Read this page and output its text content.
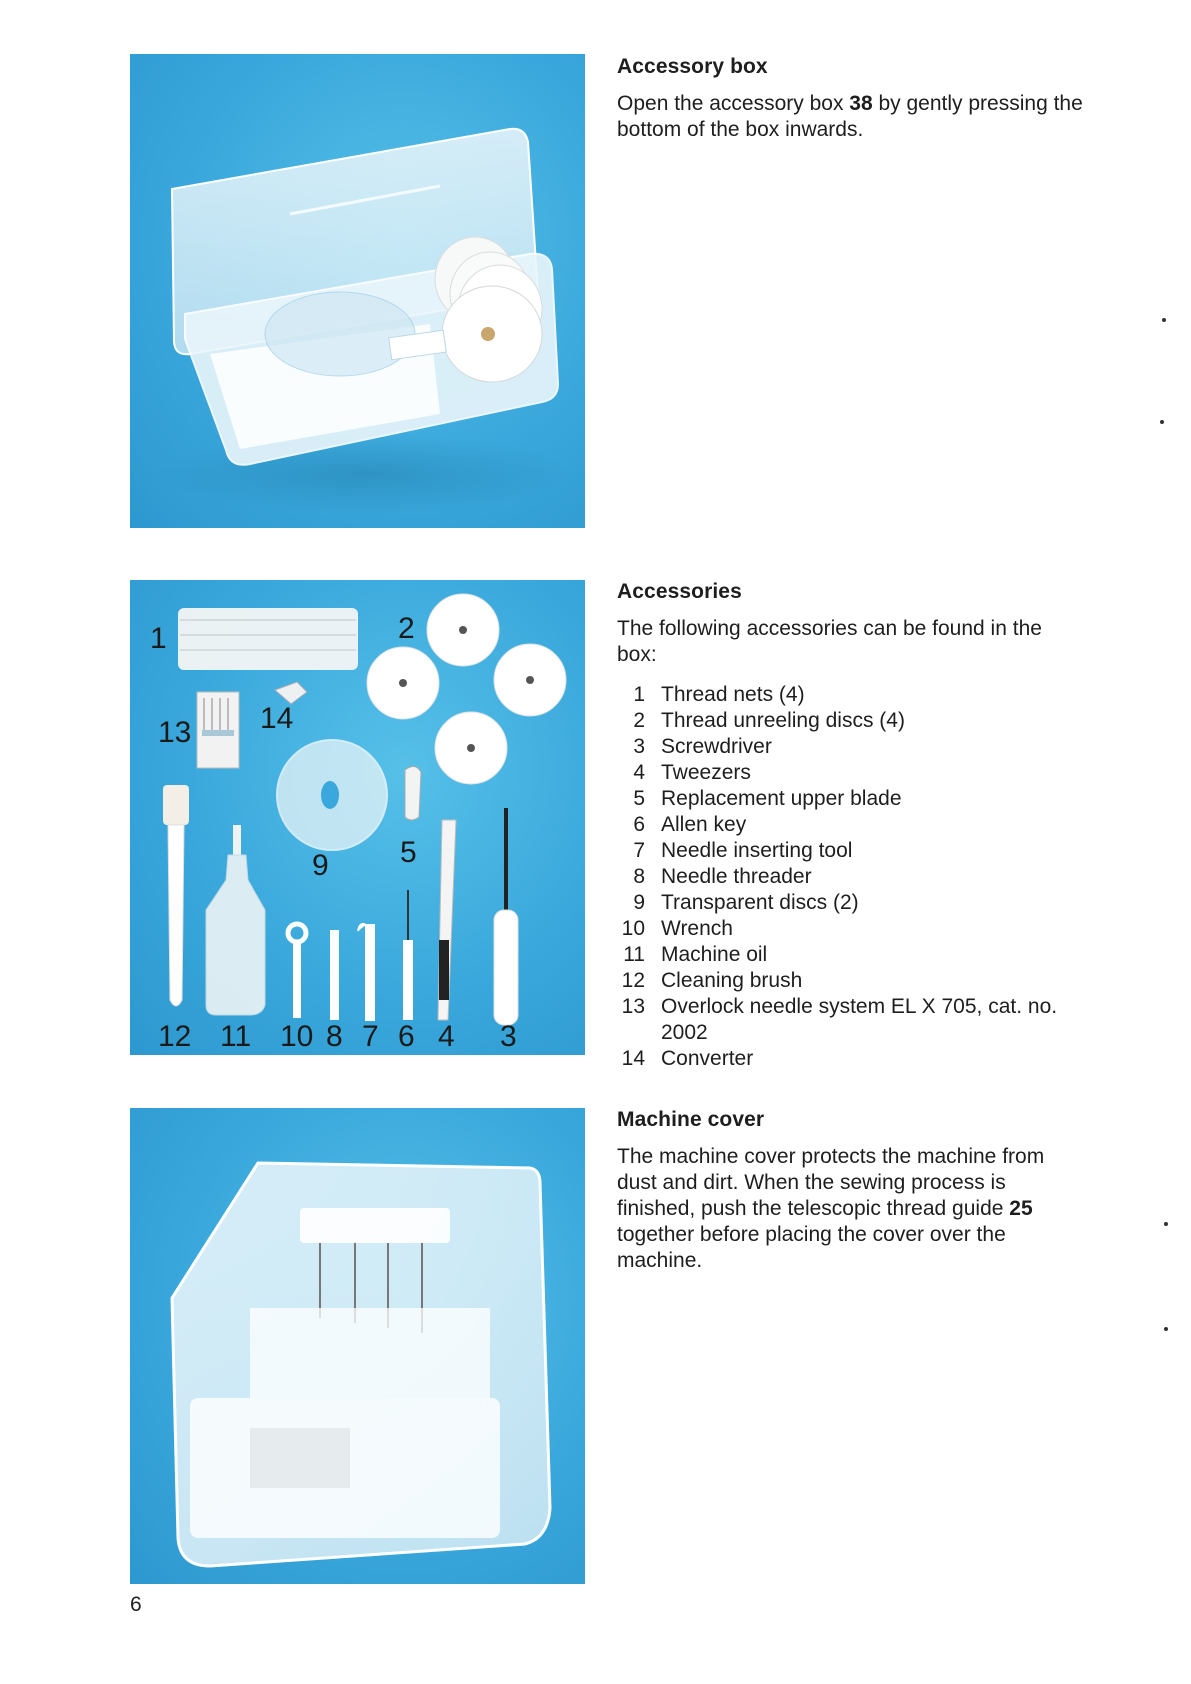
1	2
3
4
5
6
7
8
9
10
11
12
13 14
Accessory box

Open the accessory box 38 by gently pressing the bottom of the box inwards.

Accessories

The following accessories can be found in the box:

1 Thread nets (4)
2 Thread unreeling discs (4)
3 Screwdriver
4 Tweezers
5 Replacement upper blade
6 Allen key
7 Needle inserting tool
8 Needle threader
9 Transparent discs (2)
10 Wrench
11 Machine oil
12 Cleaning brush
13 Overlock needle system EL X 705, cat. no. 2002
14 Converter
Machine cover

The machine cover protects the machine from dust and dirt. When the sewing process is finished, push the telescopic thread guide 25 together before placing the cover over the machine.

6
